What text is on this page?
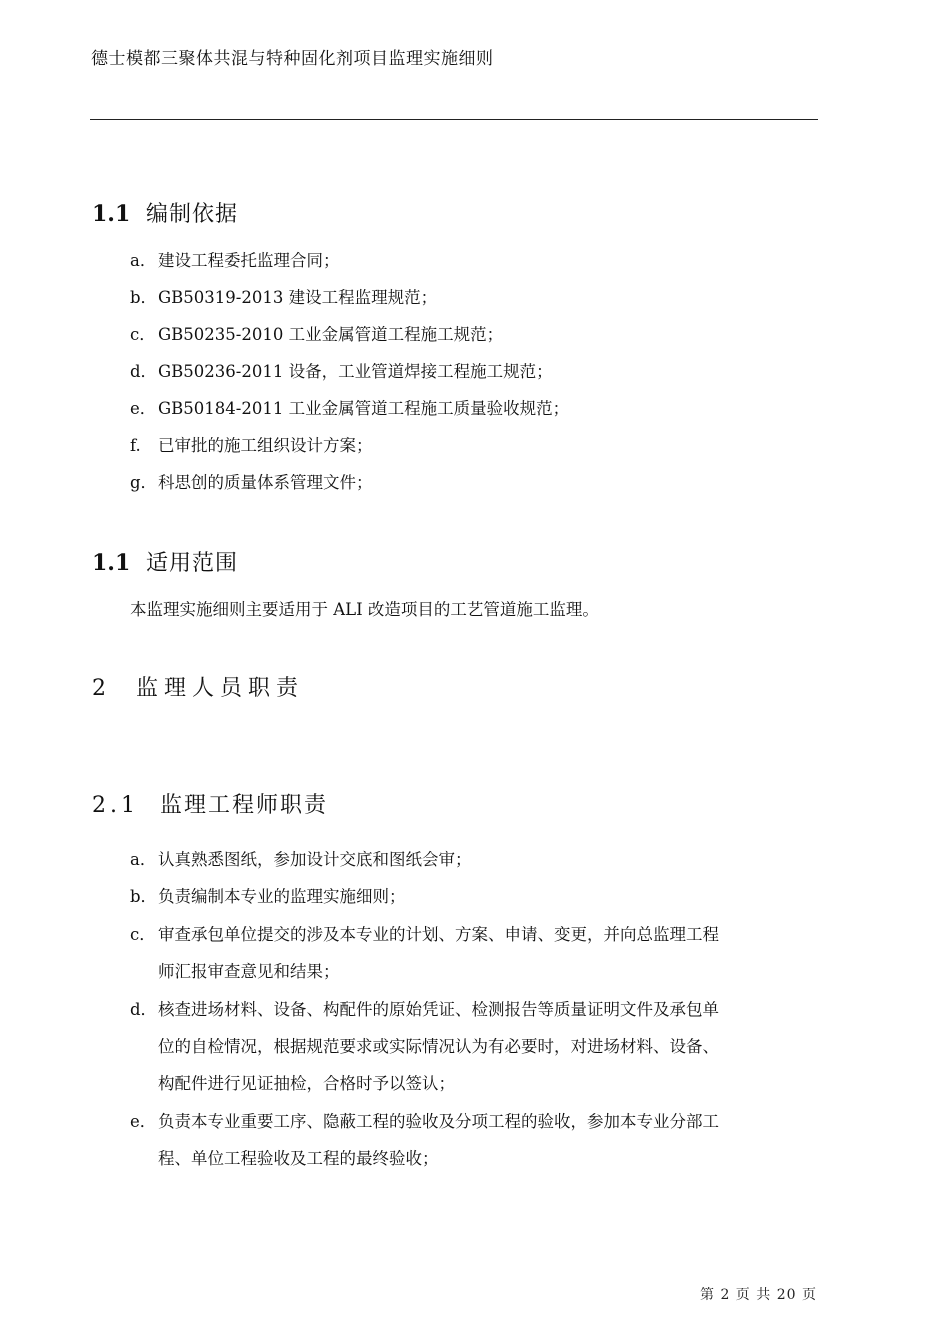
德士模都三聚体共混与特种固化剂项目监理实施细则
1.1 编制依据
a． 建设工程委托监理合同；
b．GB50319-2013 建设工程监理规范；
c． GB50235-2010 工业金属管道工程施工规范；
d．GB50236-2011 设备，工业管道焊接工程施工规范；
e． GB50184-2011 工业金属管道工程施工质量验收规范；
f. 已审批的施工组织设计方案；
g．科思创的质量体系管理文件；
1.1 适用范围
本监理实施细则主要适用于 ALI 改造项目的工艺管道施工监理。
2 监理人员职责
2.1 监理工程师职责
a． 认真熟悉图纸，参加设计交底和图纸会审；
b．负责编制本专业的监理实施细则；
c． 审查承包单位提交的涉及本专业的计划、方案、申请、变更，并向总监理工程
师汇报审查意见和结果；
d．核查进场材料、设备、构配件的原始凭证、检测报告等质量证明文件及承包单
位的自检情况，根据规范要求或实际情况认为有必要时，对进场材料、设备、
构配件进行见证抽检，合格时予以签认；
e． 负责本专业重要工序、隐蔽工程的验收及分项工程的验收，参加本专业分部工
程、单位工程验收及工程的最终验收；
第 2 页 共 20 页
